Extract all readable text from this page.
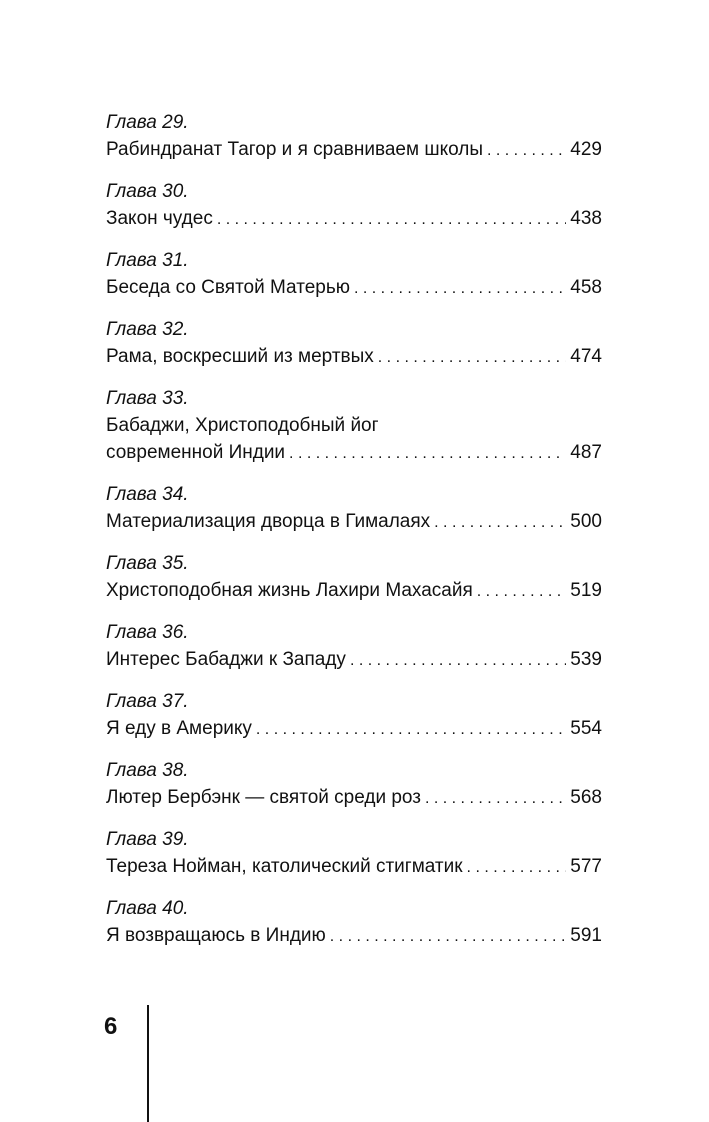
Глава 29.
Рабиндранат Тагор и я сравниваем школы . . .	429
Глава 30.
Закон чудес . . .	438
Глава 31.
Беседа со Святой Матерью . . .	458
Глава 32.
Рама, воскресший из мертвых . . .	474
Глава 33.
Бабаджи, Христоподобный йог
современной Индии . . .	487
Глава 34.
Материализация дворца в Гималаях . . .	500
Глава 35.
Христоподобная жизнь Лахири Махасайя . . .	519
Глава 36.
Интерес Бабаджи к Западу . . .	539
Глава 37.
Я еду в Америку . . .	554
Глава 38.
Лютер Бербэнк — святой среди роз . . .	568
Глава 39.
Тереза Нойман, католический стигматик . . .	577
Глава 40.
Я возвращаюсь в Индию . . .	591
6
